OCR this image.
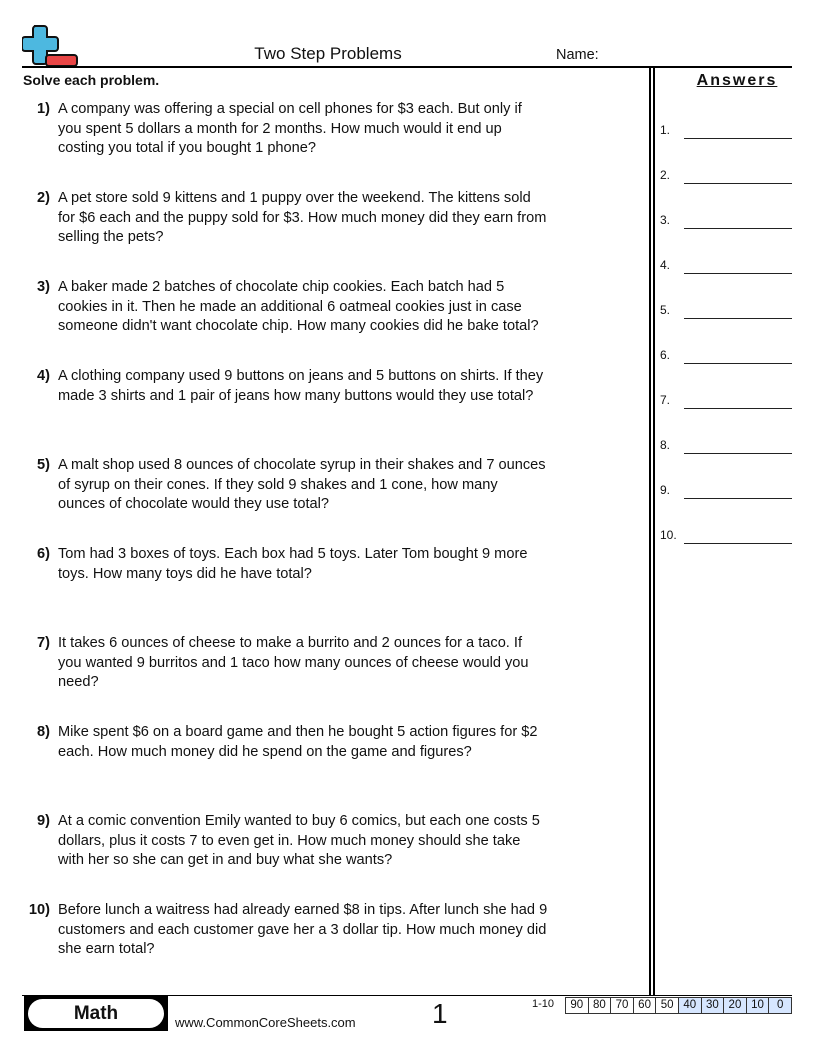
Two Step Problems	Name:
Solve each problem.
1) A company was offering a special on cell phones for $3 each. But only if you spent 5 dollars a month for 2 months. How much would it end up costing you total if you bought 1 phone?
2) A pet store sold 9 kittens and 1 puppy over the weekend. The kittens sold for $6 each and the puppy sold for $3. How much money did they earn from selling the pets?
3) A baker made 2 batches of chocolate chip cookies. Each batch had 5 cookies in it. Then he made an additional 6 oatmeal cookies just in case someone didn't want chocolate chip. How many cookies did he bake total?
4) A clothing company used 9 buttons on jeans and 5 buttons on shirts. If they made 3 shirts and 1 pair of jeans how many buttons would they use total?
5) A malt shop used 8 ounces of chocolate syrup in their shakes and 7 ounces of syrup on their cones. If they sold 9 shakes and 1 cone, how many ounces of chocolate would they use total?
6) Tom had 3 boxes of toys. Each box had 5 toys. Later Tom bought 9 more toys. How many toys did he have total?
7) It takes 6 ounces of cheese to make a burrito and 2 ounces for a taco. If you wanted 9 burritos and 1 taco how many ounces of cheese would you need?
8) Mike spent $6 on a board game and then he bought 5 action figures for $2 each. How much money did he spend on the game and figures?
9) At a comic convention Emily wanted to buy 6 comics, but each one costs 5 dollars, plus it costs 7 to even get in. How much money should she take with her so she can get in and buy what she wants?
10) Before lunch a waitress had already earned $8 in tips. After lunch she had 9 customers and each customer gave her a 3 dollar tip. How much money did she earn total?
Answers
1.
2.
3.
4.
5.
6.
7.
8.
9.
10.
Math	www.CommonCoreSheets.com	1	1-10	90 80 70 60 50 40 30 20 10	0
